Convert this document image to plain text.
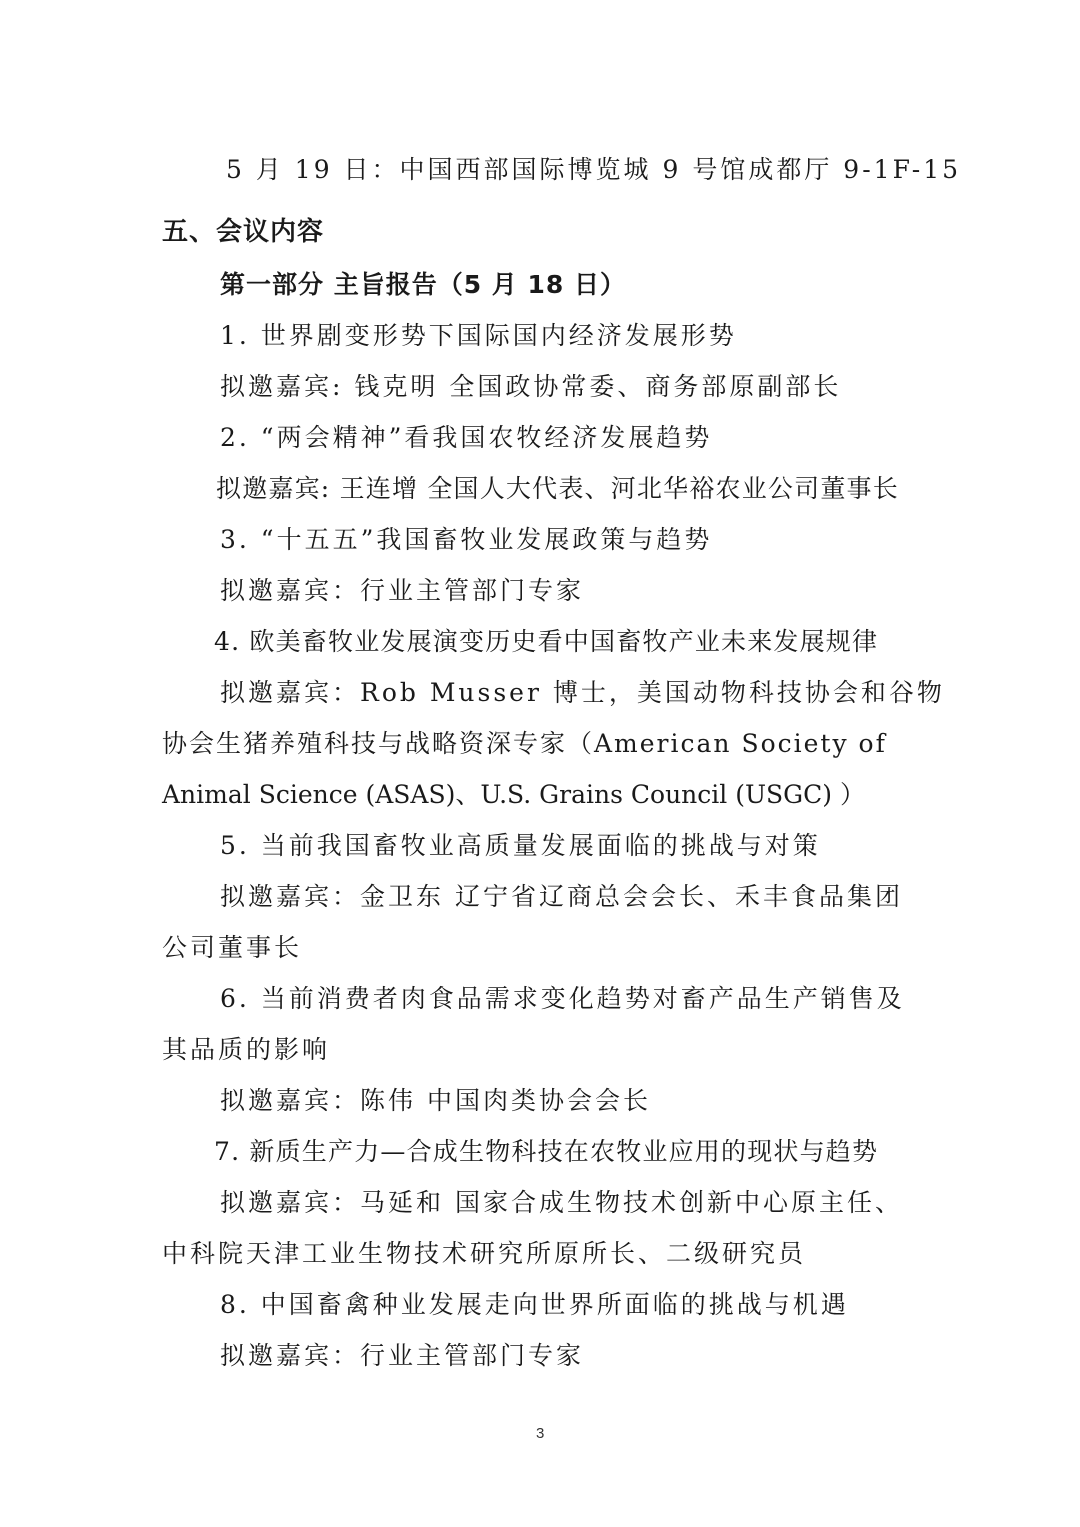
5 月 19 日：中国西部国际博览城 9 号馆成都厅 9-1F-15
五、会议内容
第一部分 主旨报告（5 月 18 日）
1. 世界剧变形势下国际国内经济发展形势
拟邀嘉宾: 钱克明 全国政协常委、商务部原副部长
2. “两会精神”看我国农牧经济发展趋势
拟邀嘉宾: 王连增 全国人大代表、河北华裕农业公司董事长
3. “十五五”我国畜牧业发展政策与趋势
拟邀嘉宾：行业主管部门专家
4. 欧美畜牧业发展演变历史看中国畜牧产业未来发展规律
拟邀嘉宾：Rob Musser 博士，美国动物科技协会和谷物
协会生猪养殖科技与战略资深专家（American Society of
Animal Science (ASAS)、U.S. Grains Council (USGC) ）
5. 当前我国畜牧业高质量发展面临的挑战与对策
拟邀嘉宾：金卫东 辽宁省辽商总会会长、禾丰食品集团
公司董事长
6. 当前消费者肉食品需求变化趋势对畜产品生产销售及
其品质的影响
拟邀嘉宾：陈伟 中国肉类协会会长
7. 新质生产力—合成生物科技在农牧业应用的现状与趋势
拟邀嘉宾：马延和 国家合成生物技术创新中心原主任、
中科院天津工业生物技术研究所原所长、二级研究员
8. 中国畜禽种业发展走向世界所面临的挑战与机遇
拟邀嘉宾：行业主管部门专家
3
